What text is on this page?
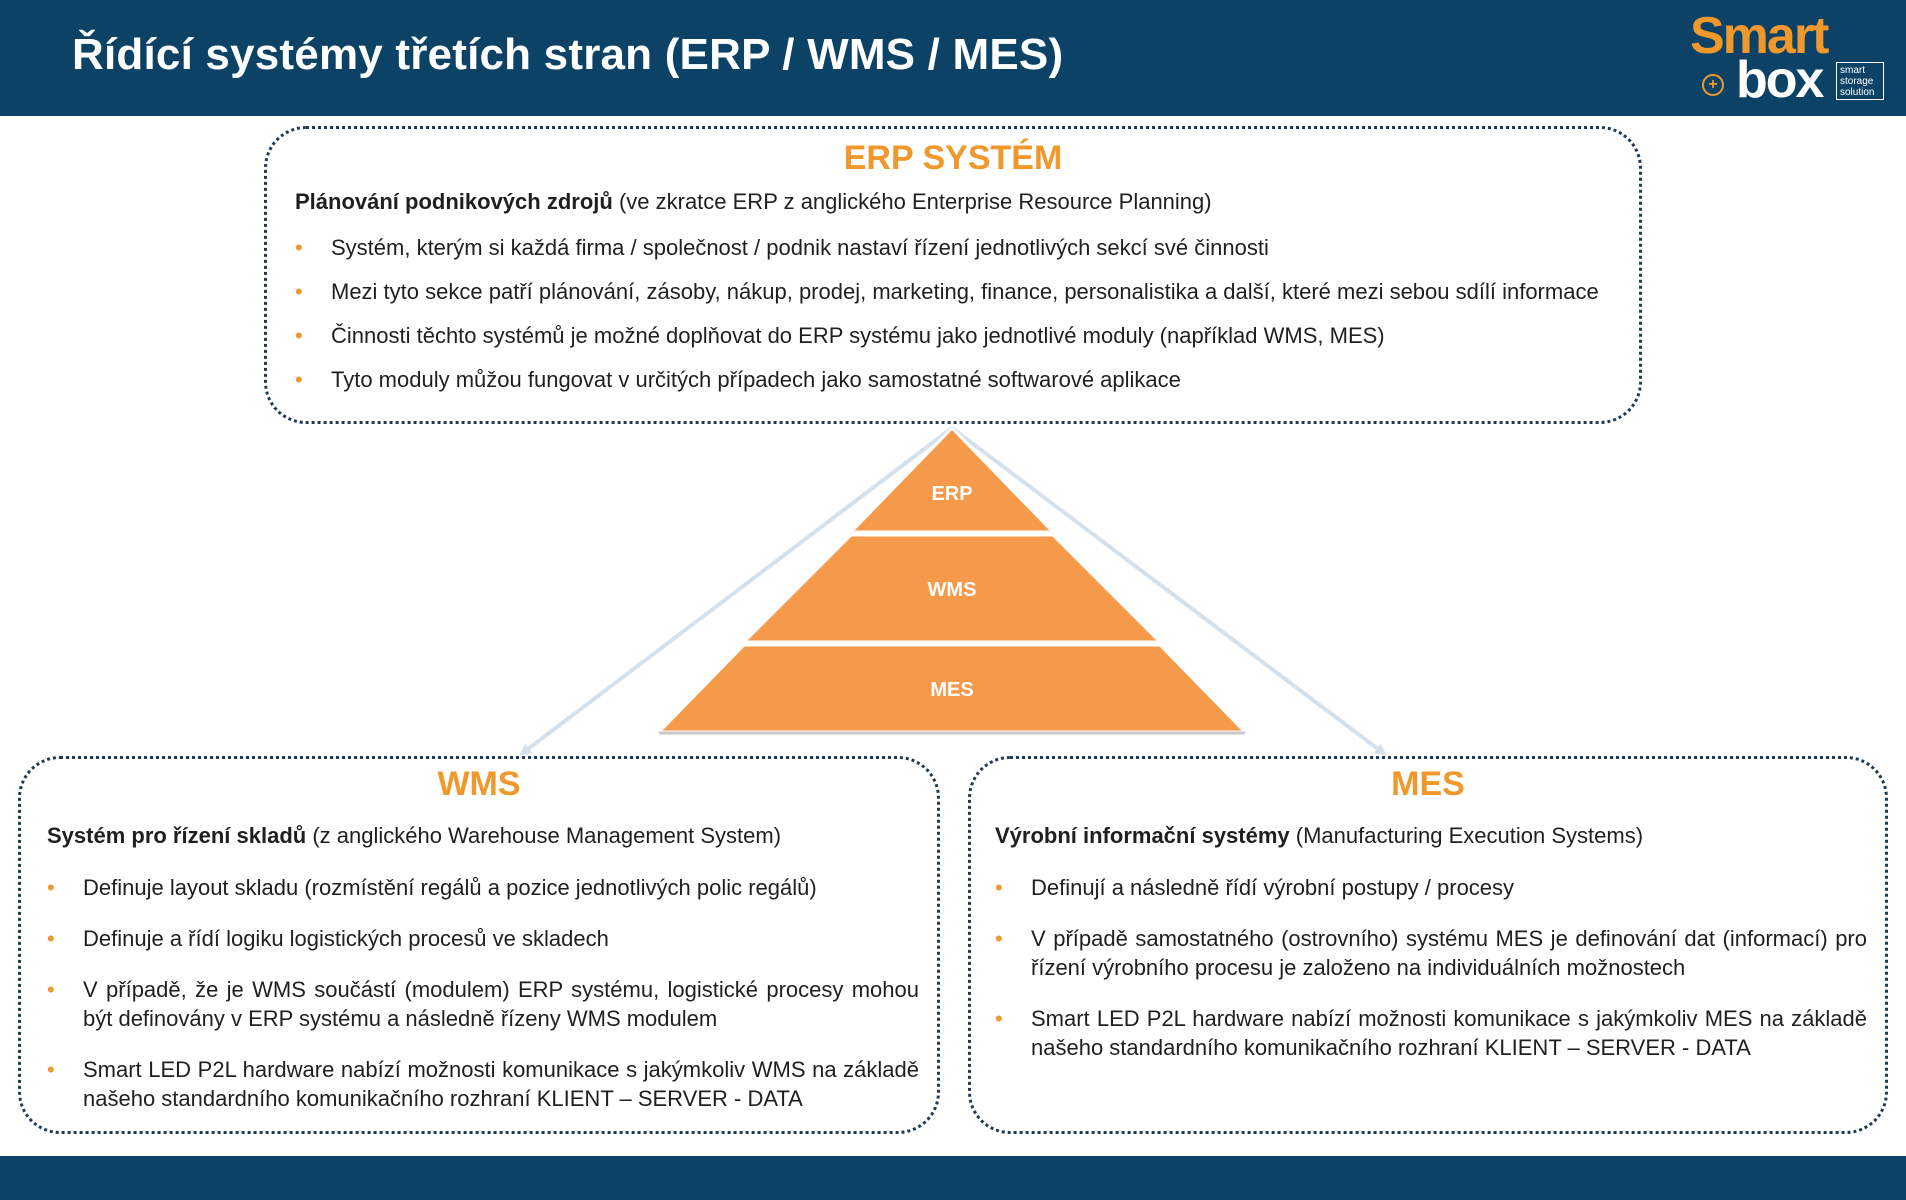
Řídící systémy třetích stran (ERP / WMS / MES)	Smart
box
+
smart storage solution
ERP
WMS
MES
ERP SYSTÉM
Plánování podnikových zdrojů (ve zkratce ERP z anglického Enterprise Resource Planning)
• Systém, kterým si každá firma / společnost / podnik nastaví řízení jednotlivých sekcí své činnosti
• Mezi tyto sekce patří plánování, zásoby, nákup, prodej, marketing, finance, personalistika a další, které mezi sebou sdílí informace
• Činnosti těchto systémů je možné doplňovat do ERP systému jako jednotlivé moduly (například WMS, MES)
• Tyto moduly můžou fungovat v určitých případech jako samostatné softwarové aplikace
WMS
Systém pro řízení skladů (z anglického Warehouse Management System)
• Definuje layout skladu (rozmístění regálů a pozice jednotlivých polic regálů)
• Definuje a řídí logiku logistických procesů ve skladech
• V případě, že je WMS součástí (modulem) ERP systému, logistické procesy mohou být definovány v ERP systému a následně řízeny WMS modulem
• Smart LED P2L hardware nabízí možnosti komunikace s jakýmkoliv WMS na základě našeho standardního komunikačního rozhraní KLIENT – SERVER - DATA
MES
Výrobní informační systémy (Manufacturing Execution Systems)
• Definují a následně řídí výrobní postupy / procesy
• V případě samostatného (ostrovního) systému MES je definování dat (informací) pro řízení výrobního procesu je založeno na individuálních možnostech
• Smart LED P2L hardware nabízí možnosti komunikace s jakýmkoliv MES na základě našeho standardního komunikačního rozhraní KLIENT – SERVER - DATA
